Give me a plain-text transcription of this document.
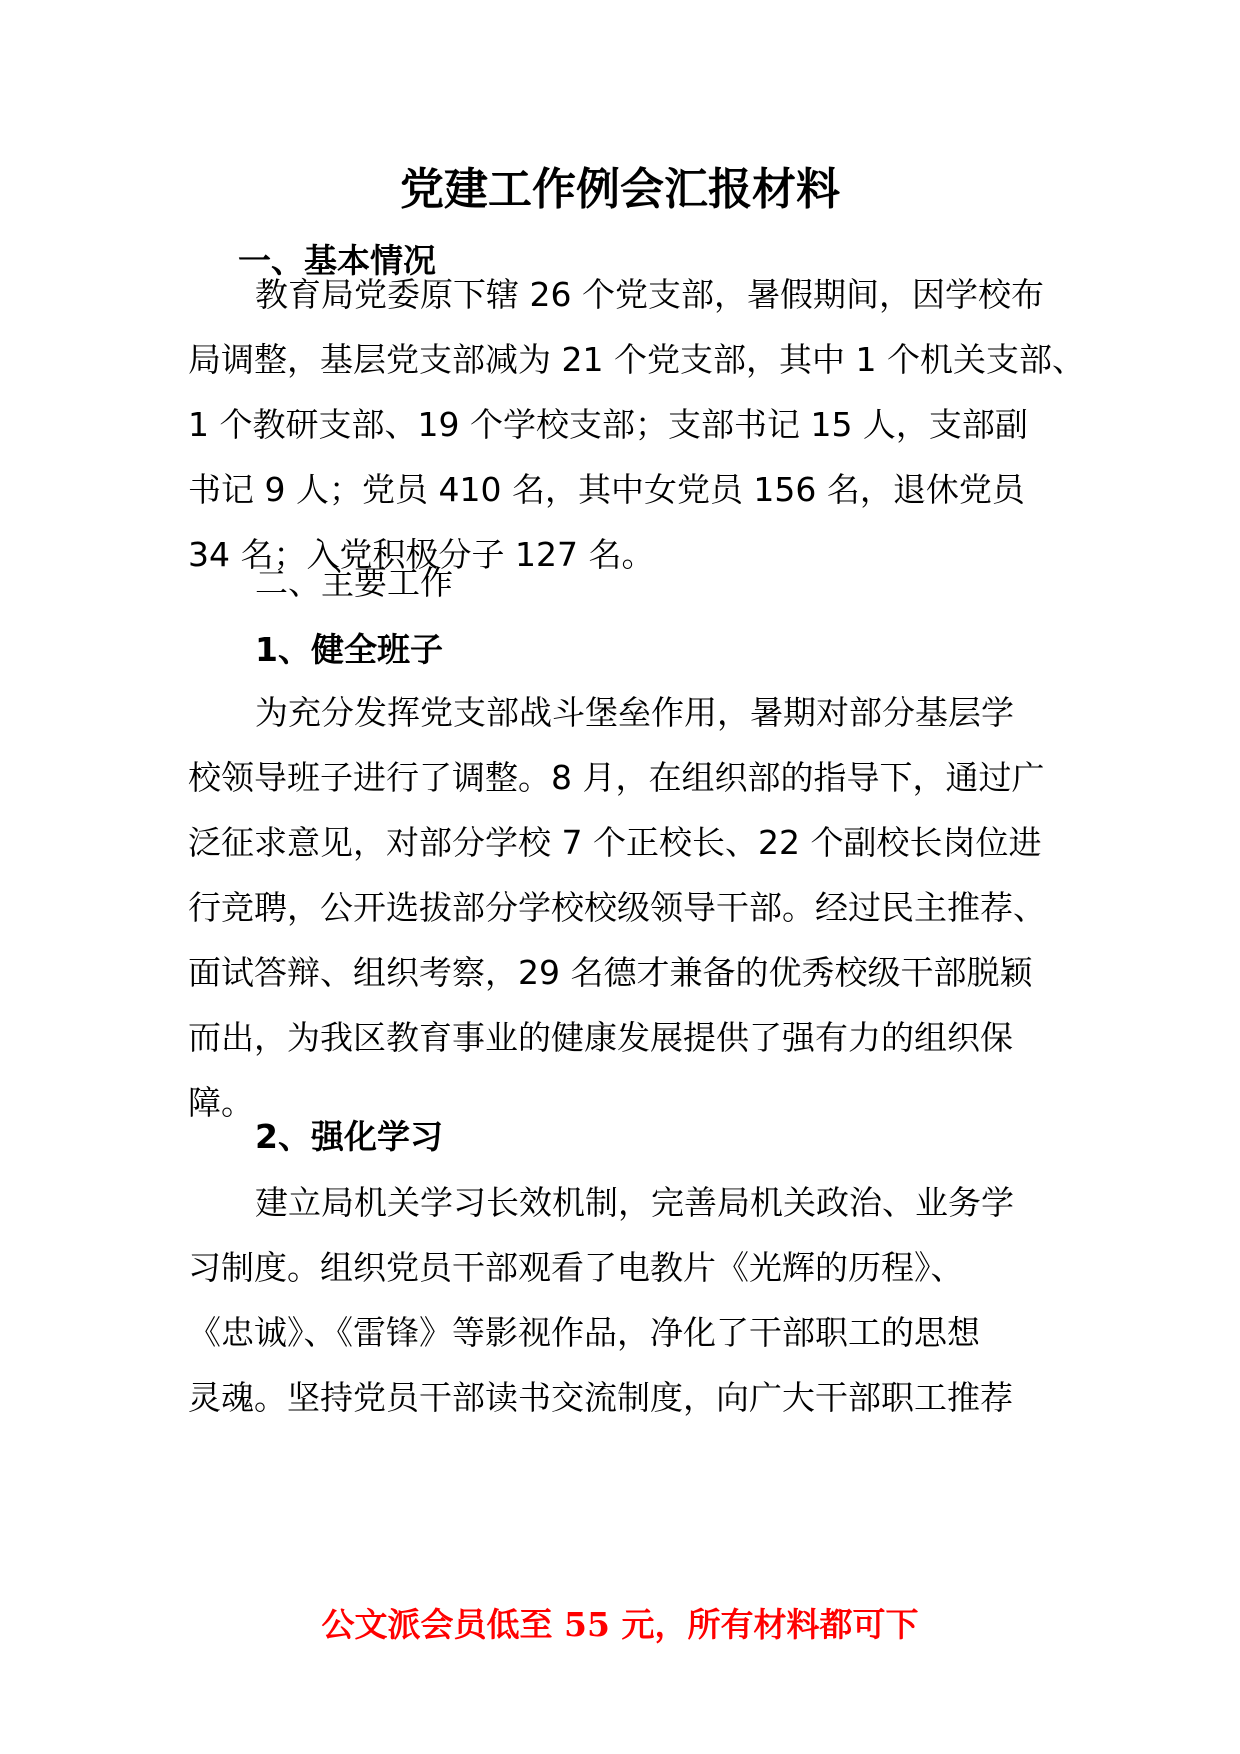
党建工作例会汇报材料
一、基本情况
教育局党委原下辖 26 个党支部，暑假期间，因学校布
局调整，基层党支部减为 21 个党支部，其中 1 个机关支部、
1 个教研支部、19 个学校支部；支部书记 15 人，支部副
书记 9 人；党员 410 名，其中女党员 156 名，退休党员
34 名；入党积极分子 127 名。
二、主要工作
1、健全班子
为充分发挥党支部战斗堡垒作用，暑期对部分基层学
校领导班子进行了调整。8 月，在组织部的指导下，通过广
泛征求意见，对部分学校 7 个正校长、22 个副校长岗位进
行竞聘，公开选拔部分学校校级领导干部。经过民主推荐、
面试答辩、组织考察，29 名德才兼备的优秀校级干部脱颖
而出，为我区教育事业的健康发展提供了强有力的组织保
障。
2、强化学习
建立局机关学习长效机制，完善局机关政治、业务学
习制度。组织党员干部观看了电教片《光辉的历程》、
《忠诚》、《雷锋》等影视作品，净化了干部职工的思想
灵魂。坚持党员干部读书交流制度，向广大干部职工推荐
公文派会员低至 55 元，所有材料都可下
